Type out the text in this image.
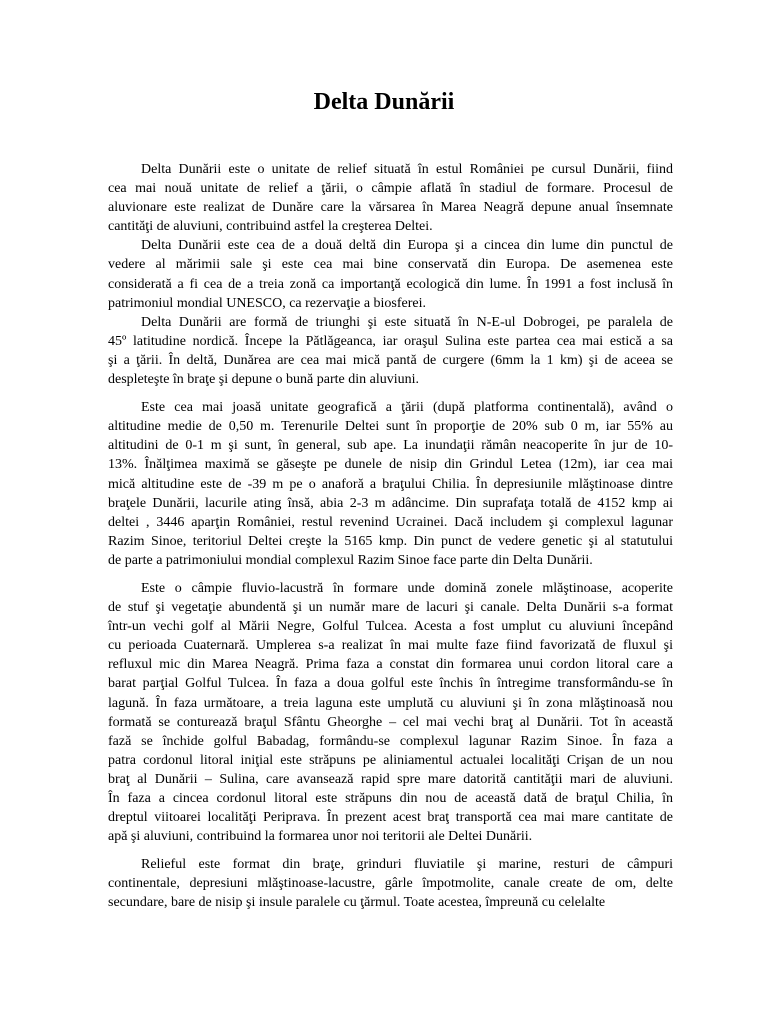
Delta Dunării
Delta Dunării este o unitate de relief situată în estul României pe cursul Dunării, fiind
cea mai nouă unitate de relief a ţării, o câmpie aflată în stadiul de formare. Procesul de
aluvionare este realizat de Dunăre care la vărsarea în Marea Neagră depune anual însemnate
cantităţi de aluviuni, contribuind astfel la creşterea Deltei.
Delta Dunării este cea de a două deltă din Europa şi a cincea din lume din punctul de
vedere al mărimii sale şi este cea mai bine conservată din Europa. De asemenea este
considerată a fi cea de a treia zonă ca importanţă ecologică din lume. În 1991 a fost inclusă în
patrimoniul mondial UNESCO, ca rezervaţie a biosferei.
Delta Dunării are formă de triunghi şi este situată în N-E-ul Dobrogei, pe paralela de
45º latitudine nordică. Începe la Pătlăgeanca, iar oraşul Sulina este partea cea mai estică a sa
şi a ţării. În deltă, Dunărea are cea mai mică pantă de curgere (6mm la 1 km) şi de aceea se
despleteşte în braţe şi depune o bună parte din aluviuni.
Este cea mai joasă unitate geografică a ţării (după platforma continentală), având o
altitudine medie de 0,50 m. Terenurile Deltei sunt în proporţie de 20% sub 0 m, iar 55% au
altitudini de 0-1 m şi sunt, în general, sub ape. La inundaţii rămân neacoperite în jur de 10-
13%. Înălţimea maximă se găseşte pe dunele de nisip din Grindul Letea (12m), iar cea mai
mică altitudine este de -39 m pe o anaforă a braţului Chilia. În depresiunile mlăştinoase dintre
braţele Dunării, lacurile ating însă, abia 2-3 m adâncime. Din suprafaţa totală de 4152 kmp ai
deltei , 3446 aparţin României, restul revenind Ucrainei. Dacă includem şi complexul lagunar
Razim Sinoe, teritoriul Deltei creşte la 5165 kmp. Din punct de vedere genetic şi al statutului
de parte a patrimoniului mondial complexul Razim Sinoe face parte din Delta Dunării.
Este o câmpie fluvio-lacustră în formare unde domină zonele mlăştinoase, acoperite
de stuf şi vegetaţie abundentă şi un număr mare de lacuri şi canale. Delta Dunării s-a format
într-un vechi golf al Mării Negre, Golful Tulcea. Acesta a fost umplut cu aluviuni începând
cu perioada Cuaternară. Umplerea s-a realizat în mai multe faze fiind favorizată de fluxul şi
refluxul mic din Marea Neagră. Prima faza a constat din formarea unui cordon litoral care a
barat parţial Golful Tulcea. În faza a doua golful este închis în întregime transformându-se în
lagună. În faza următoare, a treia laguna este umplută cu aluviuni şi în zona mlăştinoasă nou
formată se conturează braţul Sfântu Gheorghe – cel mai vechi braţ al Dunării. Tot în această
fază se închide golful Babadag, formându-se complexul lagunar Razim Sinoe. În faza a
patra cordonul litoral iniţial este străpuns pe aliniamentul actualei localităţi Crişan de un nou
braţ al Dunării – Sulina, care avansează rapid spre mare datorită cantităţii mari de aluviuni.
În faza a cincea cordonul litoral este străpuns din nou de această dată de braţul Chilia, în
dreptul viitoarei localităţi Periprava. În prezent acest braţ transportă cea mai mare cantitate de
apă şi aluviuni, contribuind la formarea unor noi teritorii ale Deltei Dunării.
Relieful este format din braţe, grinduri fluviatile şi marine, resturi de câmpuri
continentale, depresiuni mlăştinoase-lacustre, gârle împotmolite, canale create de om, delte
secundare, bare de nisip şi insule paralele cu ţărmul. Toate acestea, împreună cu celelalte
